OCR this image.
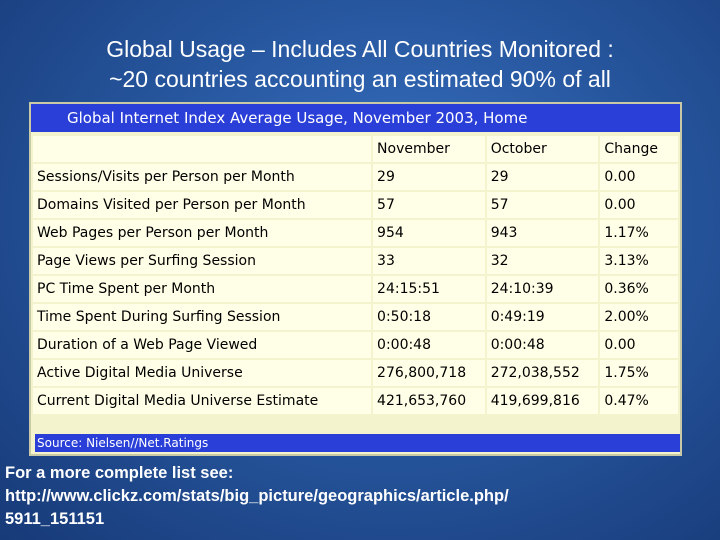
Global Usage – Includes All Countries Monitored :
~20 countries accounting an estimated 90% of all
Global Internet Index Average Usage, November 2003, Home
	November	October	Change
Sessions/Visits per Person per Month	29	29	0.00
Domains Visited per Person per Month	57	57	0.00
Web Pages per Person per Month	954	943	1.17%
Page Views per Surfing Session	33	32	3.13%
PC Time Spent per Month	24:15:51	24:10:39	0.36%
Time Spent During Surfing Session	0:50:18	0:49:19	2.00%
Duration of a Web Page Viewed	0:00:48	0:00:48	0.00
Active Digital Media Universe	276,800,718	272,038,552	1.75%
Current Digital Media Universe Estimate	421,653,760	419,699,816	0.47%
Source: Nielsen//Net.Ratings
For a more complete list see:
http://www.clickz.com/stats/big_picture/geographics/article.php/
5911_151151
